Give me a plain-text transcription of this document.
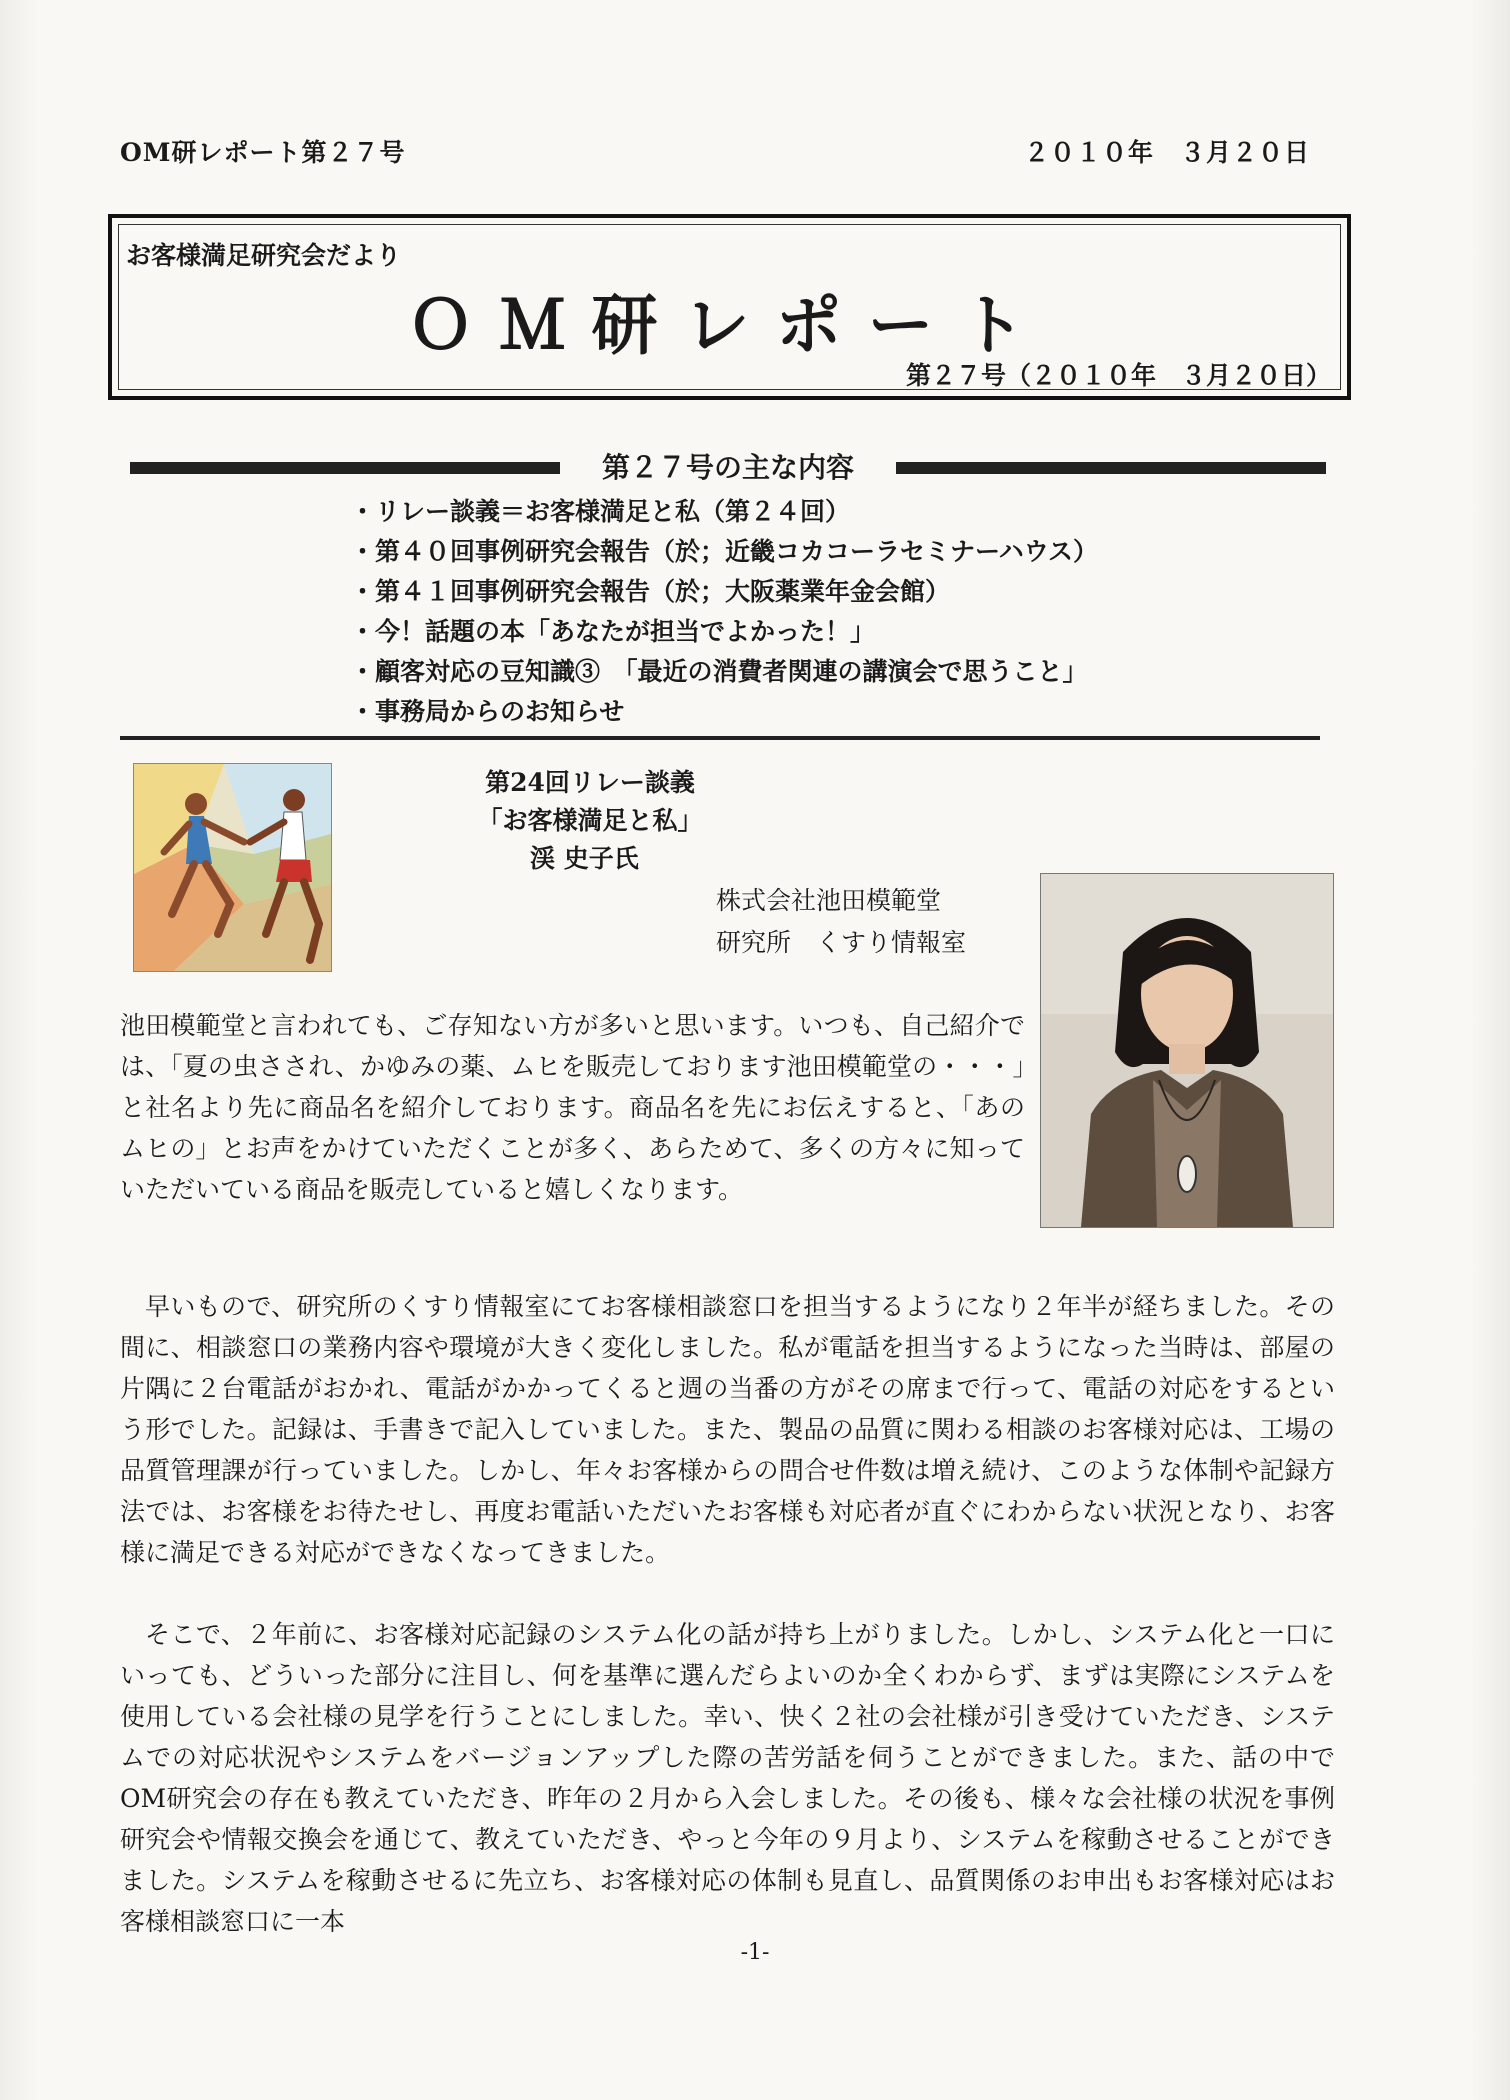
OM研レポート第２７号	２０１０年　３月２０日
お客様満足研究会だより
ＯＭ研レポート
第２７号（２０１０年　３月２０日）
第２７号の主な内容
・ リレー談義＝お客様満足と私（第２４回）
・ 第４０回事例研究会報告（於；近畿コカコーラセミナーハウス）
・ 第４１回事例研究会報告（於；大阪薬業年金会館）
・ 今！話題の本「あなたが担当でよかった！」
・ 顧客対応の豆知識③　「最近の消費者関連の講演会で思うこと」
・ 事務局からのお知らせ
第24回リレー談義
「お客様満足と私」
渓 史子氏
株式会社池田模範堂
研究所　くすり情報室
池田模範堂と言われても、ご存知ない方が多いと思います。いつも、自己紹介では、「夏の虫さされ、かゆみの薬、ムヒを販売しております池田模範堂の・・・」と社名より先に商品名を紹介しております。商品名を先にお伝えすると、「あのムヒの」とお声をかけていただくことが多く、あらためて、多くの方々に知っていただいている商品を販売していると嬉しくなります。
早いもので、研究所のくすり情報室にてお客様相談窓口を担当するようになり２年半が経ちました。その間に、相談窓口の業務内容や環境が大きく変化しました。私が電話を担当するようになった当時は、部屋の片隅に２台電話がおかれ、電話がかかってくると週の当番の方がその席まで行って、電話の対応をするという形でした。記録は、手書きで記入していました。また、製品の品質に関わる相談のお客様対応は、工場の品質管理課が行っていました。しかし、年々お客様からの問合せ件数は増え続け、このような体制や記録方法では、お客様をお待たせし、再度お電話いただいたお客様も対応者が直ぐにわからない状況となり、お客様に満足できる対応ができなくなってきました。
そこで、２年前に、お客様対応記録のシステム化の話が持ち上がりました。しかし、システム化と一口にいっても、どういった部分に注目し、何を基準に選んだらよいのか全くわからず、まずは実際にシステムを使用している会社様の見学を行うことにしました。幸い、快く２社の会社様が引き受けていただき、システムでの対応状況やシステムをバージョンアップした際の苦労話を伺うことができました。また、話の中でOM研究会の存在も教えていただき、昨年の２月から入会しました。その後も、様々な会社様の状況を事例研究会や情報交換会を通じて、教えていただき、やっと今年の９月より、システムを稼動させることができました。システムを稼動させるに先立ち、お客様対応の体制も見直し、品質関係のお申出もお客様対応はお客様相談窓口に一本
-1-
